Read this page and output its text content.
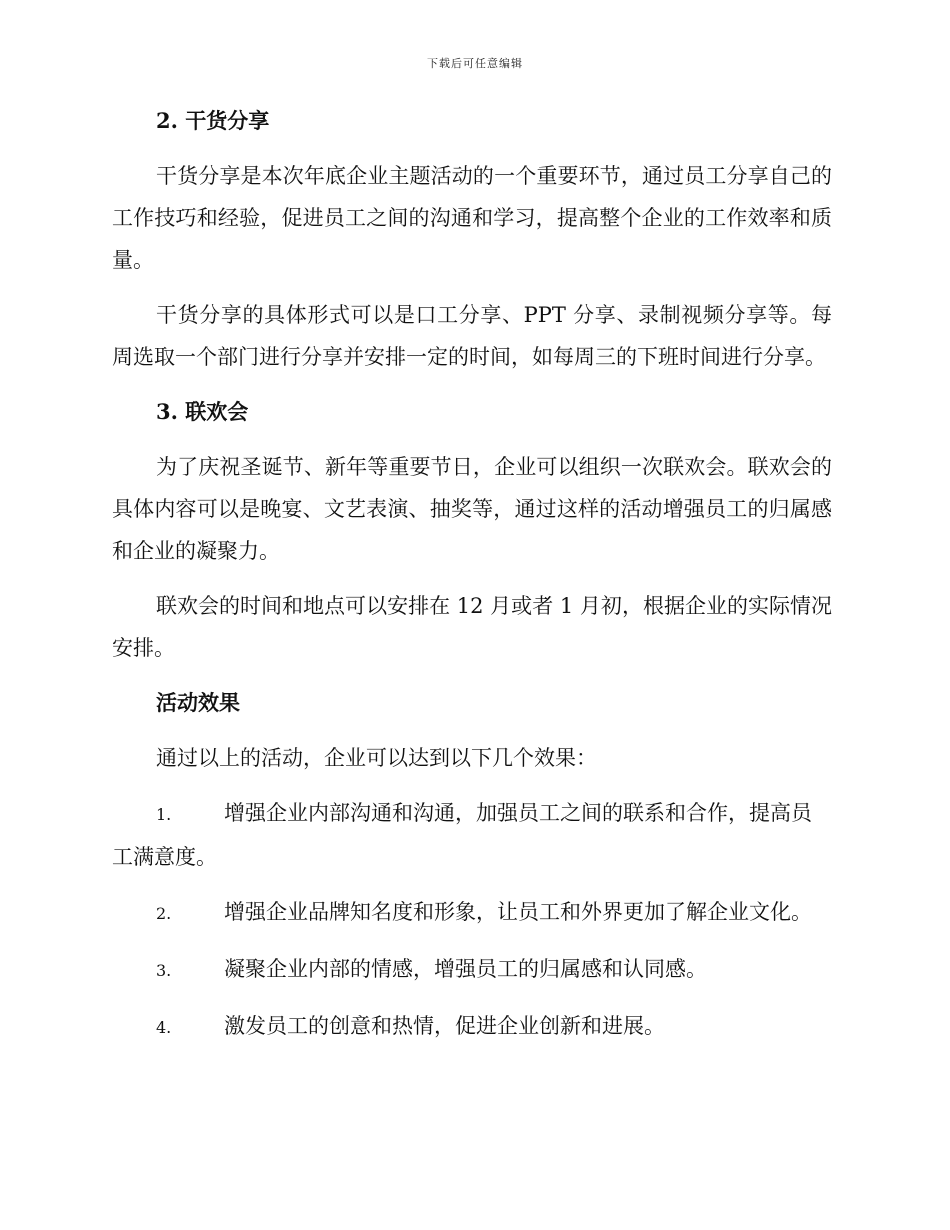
下载后可任意编辑

2. 干货分享

干货分享是本次年底企业主题活动的一个重要环节，通过员工分享自己的工作技巧和经验，促进员工之间的沟通和学习，提高整个企业的工作效率和质量。

干货分享的具体形式可以是口工分享、PPT 分享、录制视频分享等。每周选取一个部门进行分享并安排一定的时间，如每周三的下班时间进行分享。

3. 联欢会

为了庆祝圣诞节、新年等重要节日，企业可以组织一次联欢会。联欢会的具体内容可以是晚宴、文艺表演、抽奖等，通过这样的活动增强员工的归属感和企业的凝聚力。

联欢会的时间和地点可以安排在 12 月或者 1 月初，根据企业的实际情况安排。

活动效果

通过以上的活动，企业可以达到以下几个效果：

1.	增强企业内部沟通和沟通，加强员工之间的联系和合作，提高员工满意度。

2.	增强企业品牌知名度和形象，让员工和外界更加了解企业文化。

3.	凝聚企业内部的情感，增强员工的归属感和认同感。

4.	激发员工的创意和热情，促进企业创新和进展。
